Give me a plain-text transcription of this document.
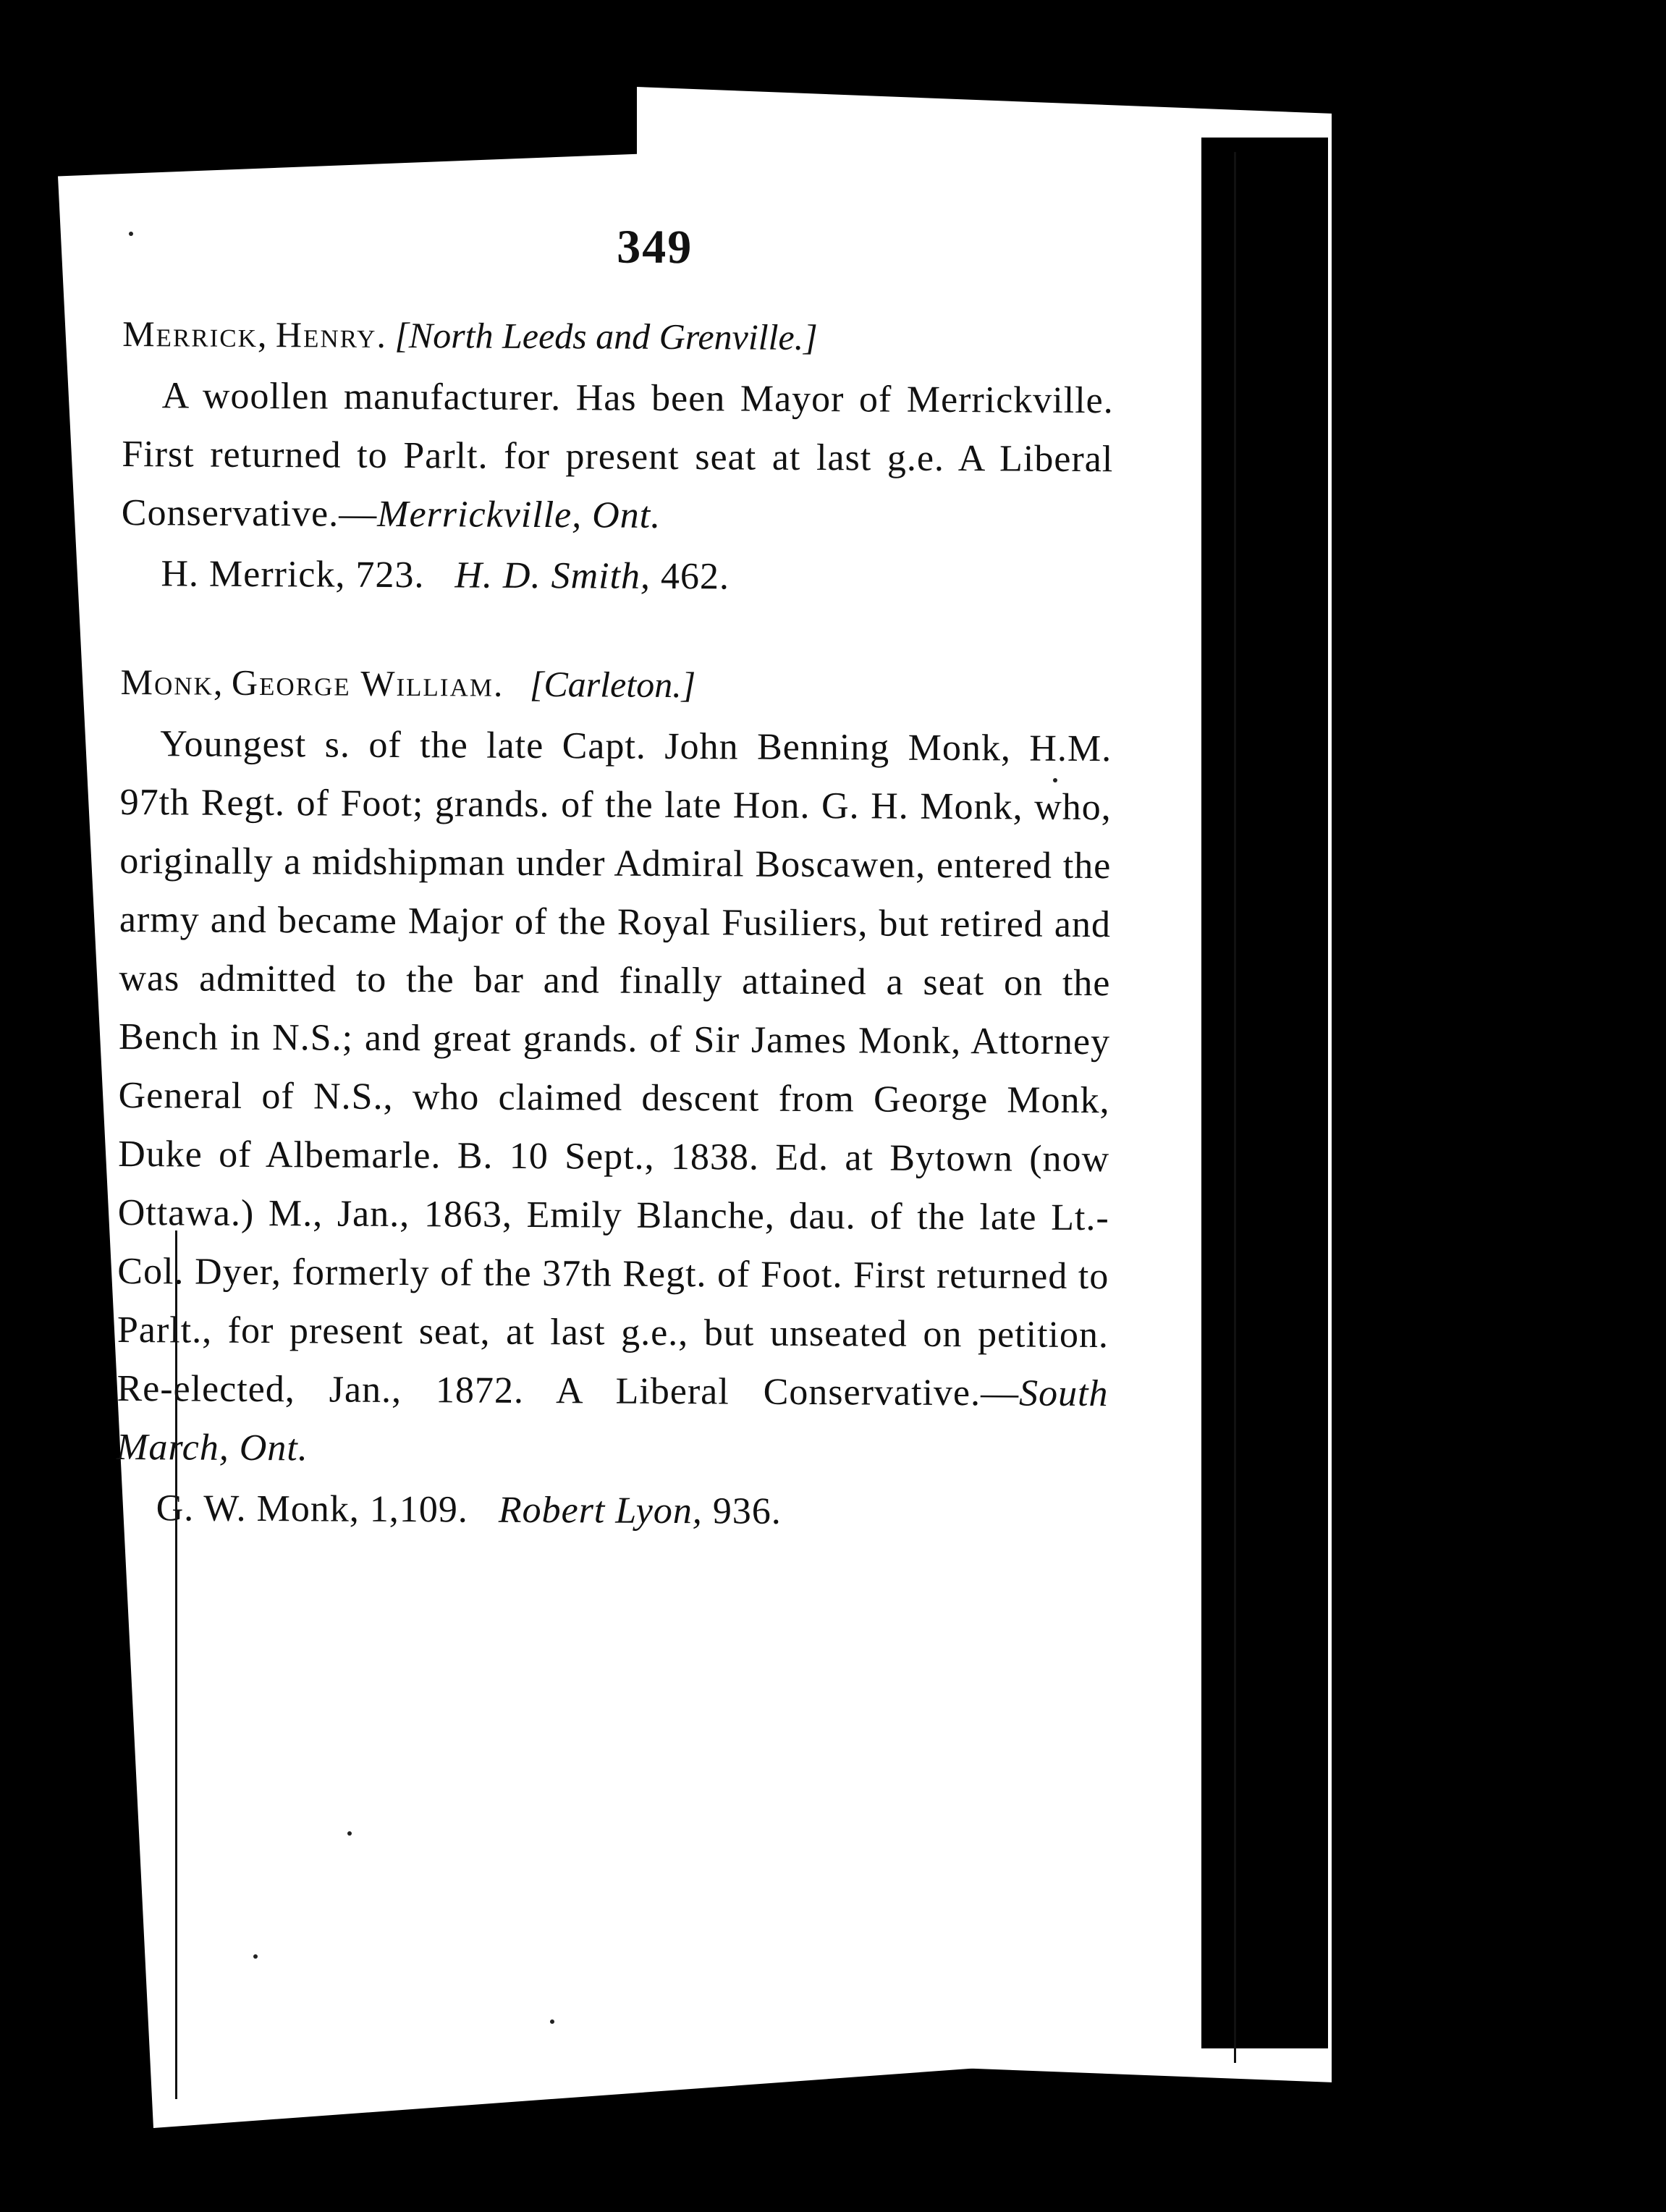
349

Merrick, Henry. [North Leeds and Grenville.]

A woollen manufacturer. Has been Mayor of Merrickville. First returned to Parlt. for present seat at last g.e. A Liberal Conservative.—Merrickville, Ont.

H. Merrick, 723. H. D. Smith, 462.

Monk, George William.   [Carleton.]

Youngest s. of the late Capt. John Benning Monk, H.M. 97th Regt. of Foot; grands. of the late Hon. G. H. Monk, who, originally a midshipman under Admiral Boscawen, entered the army and became Major of the Royal Fusiliers, but retired and was admitted to the bar and finally attained a seat on the Bench in N.S.; and great grands. of Sir James Monk, Attorney General of N.S., who claimed descent from George Monk, Duke of Albemarle. B. 10 Sept., 1838. Ed. at Bytown (now Ottawa.) M., Jan., 1863, Emily Blanche, dau. of the late Lt.-Col. Dyer, formerly of the 37th Regt. of Foot. First returned to Parlt., for present seat, at last g.e., but unseated on petition. Re-elected, Jan., 1872. A Liberal Conservative.—South March, Ont.

G. W. Monk, 1,109. Robert Lyon, 936.
